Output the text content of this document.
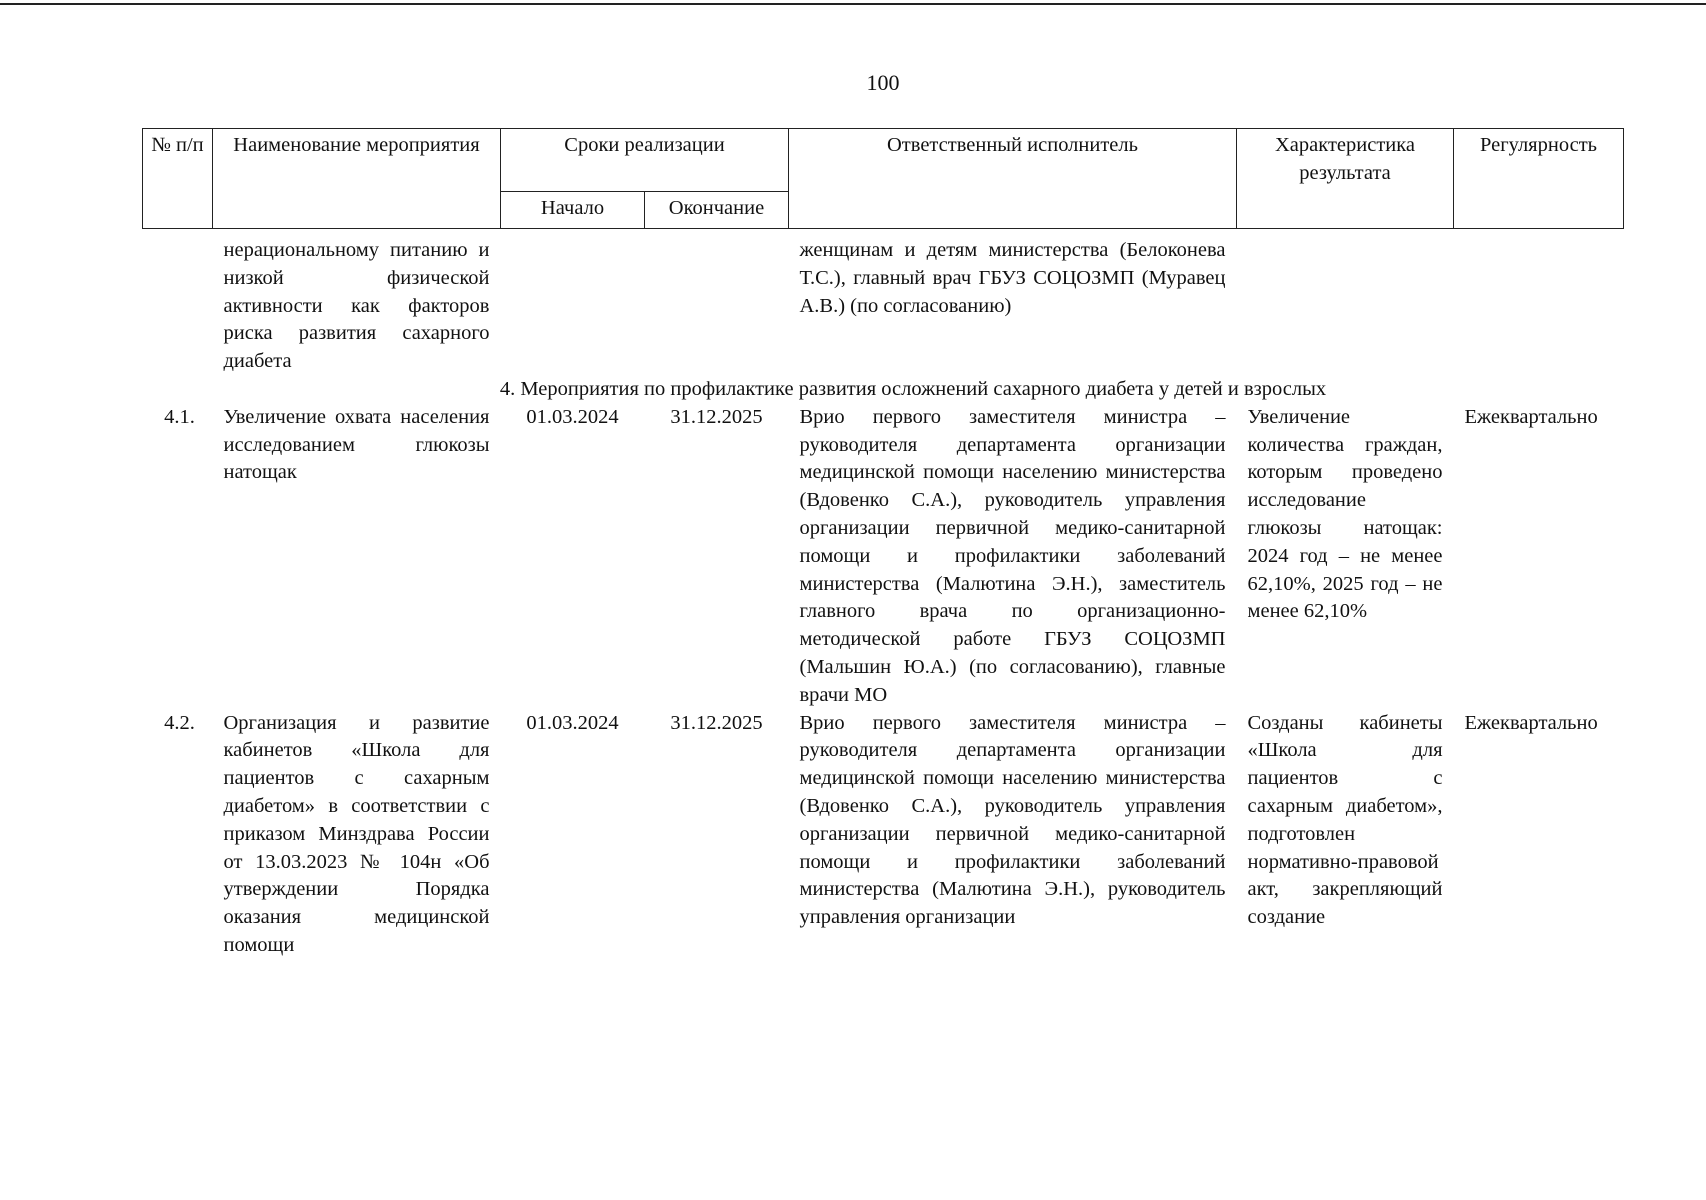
100
№ п/п	Наименование мероприятия	Сроки реализации		Ответственный исполнитель	Характеристика результата	Регулярность
		Начало	Окончание			

	нерациональному питанию и низкой физической активности как факторов риска развития сахарного диабета			женщинам и детям министерства (Белоконева Т.С.), главный врач ГБУЗ СОЦОЗМП (Муравец А.В.) (по согласованию)		
4. Мероприятия по профилактике развития осложнений сахарного диабета у детей и взрослых						
4.1.	Увеличение охвата населения исследованием глюкозы натощак	01.03.2024	31.12.2025	Врио первого заместителя министра – руководителя департамента организации медицинской помощи населению министерства (Вдовенко С.А.), руководитель управления организации первичной медико-санитарной помощи и профилактики заболеваний министерства (Малютина Э.Н.), заместитель главного врача по организационно-методической работе ГБУЗ СОЦОЗМП (Мальшин Ю.А.) (по согласованию), главные врачи МО	Увеличение количества граждан, которым проведено исследование глюкозы натощак: 2024 год – не менее 62,10%, 2025 год – не менее 62,10%	Ежеквартально
4.2.	Организация и развитие кабинетов «Школа для пациентов с сахарным диабетом» в соответствии с приказом Минздрава России от 13.03.2023 № 104н «Об утверждении Порядка оказания медицинской помощи	01.03.2024	31.12.2025	Врио первого заместителя министра – руководителя департамента организации медицинской помощи населению министерства (Вдовенко С.А.), руководитель управления организации первичной медико-санитарной помощи и профилактики заболеваний министерства (Малютина Э.Н.), руководитель управления организации	Созданы кабинеты «Школа для пациентов с сахарным диабетом», подготовлен нормативно-правовой акт, закрепляющий создание	Ежеквартально
